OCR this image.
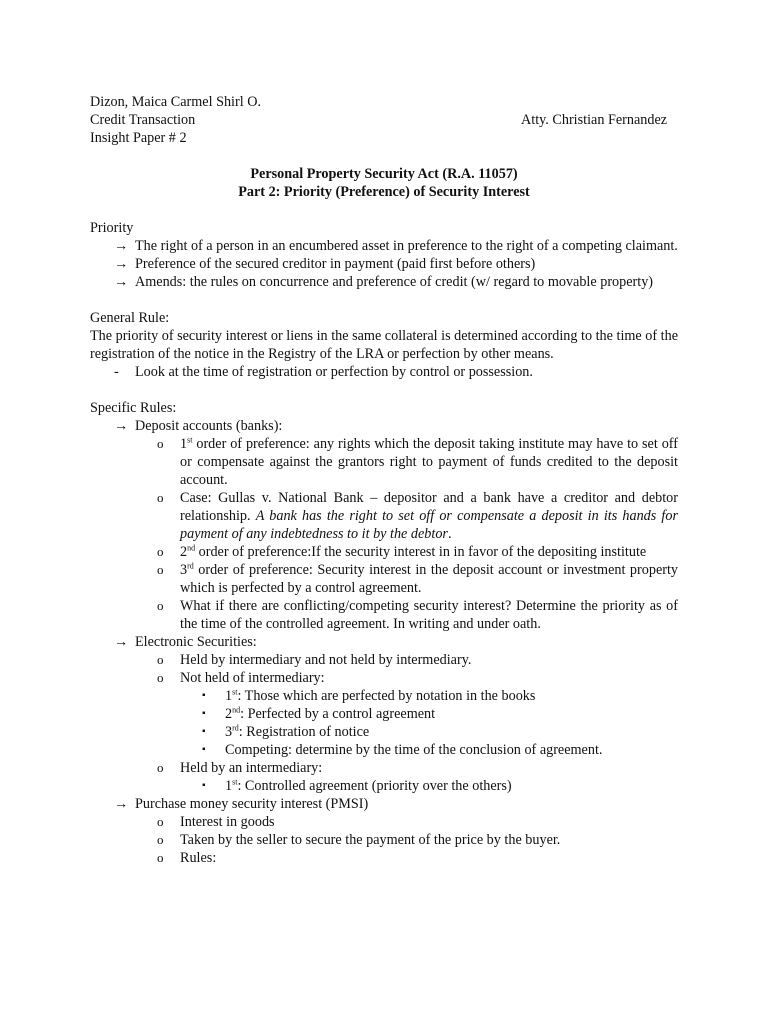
Dizon, Maica Carmel Shirl O.
Credit Transaction	Atty. Christian Fernandez
Insight Paper # 2
Personal Property Security Act (R.A. 11057)
Part 2: Priority (Preference) of Security Interest
Priority
→ The right of a person in an encumbered asset in preference to the right of a competing claimant.
→ Preference of the secured creditor in payment (paid first before others)
→ Amends: the rules on concurrence and preference of credit (w/ regard to movable property)
General Rule:
The priority of security interest or liens in the same collateral is determined according to the time of the registration of the notice in the Registry of the LRA or perfection by other means.
-	Look at the time of registration or perfection by control or possession.
Specific Rules:
→ Deposit accounts (banks):
o	1st order of preference: any rights which the deposit taking institute may have to set off or compensate against the grantors right to payment of funds credited to the deposit account.
o	Case: Gullas v. National Bank – depositor and a bank have a creditor and debtor relationship. A bank has the right to set off or compensate a deposit in its hands for payment of any indebtedness to it by the debtor.
o	2nd order of preference:If the security interest in in favor of the depositing institute
o	3rd order of preference: Security interest in the deposit account or investment property which is perfected by a control agreement.
o	What if there are conflicting/competing security interest? Determine the priority as of the time of the controlled agreement. In writing and under oath.
→ Electronic Securities:
o	Held by intermediary and not held by intermediary.
o	Not held of intermediary:
▪	1st: Those which are perfected by notation in the books
▪	2nd: Perfected by a control agreement
▪	3rd: Registration of notice
▪	Competing: determine by the time of the conclusion of agreement.
o	Held by an intermediary:
▪	1st: Controlled agreement (priority over the others)
→ Purchase money security interest (PMSI)
o	Interest in goods
o	Taken by the seller to secure the payment of the price by the buyer.
o	Rules:
